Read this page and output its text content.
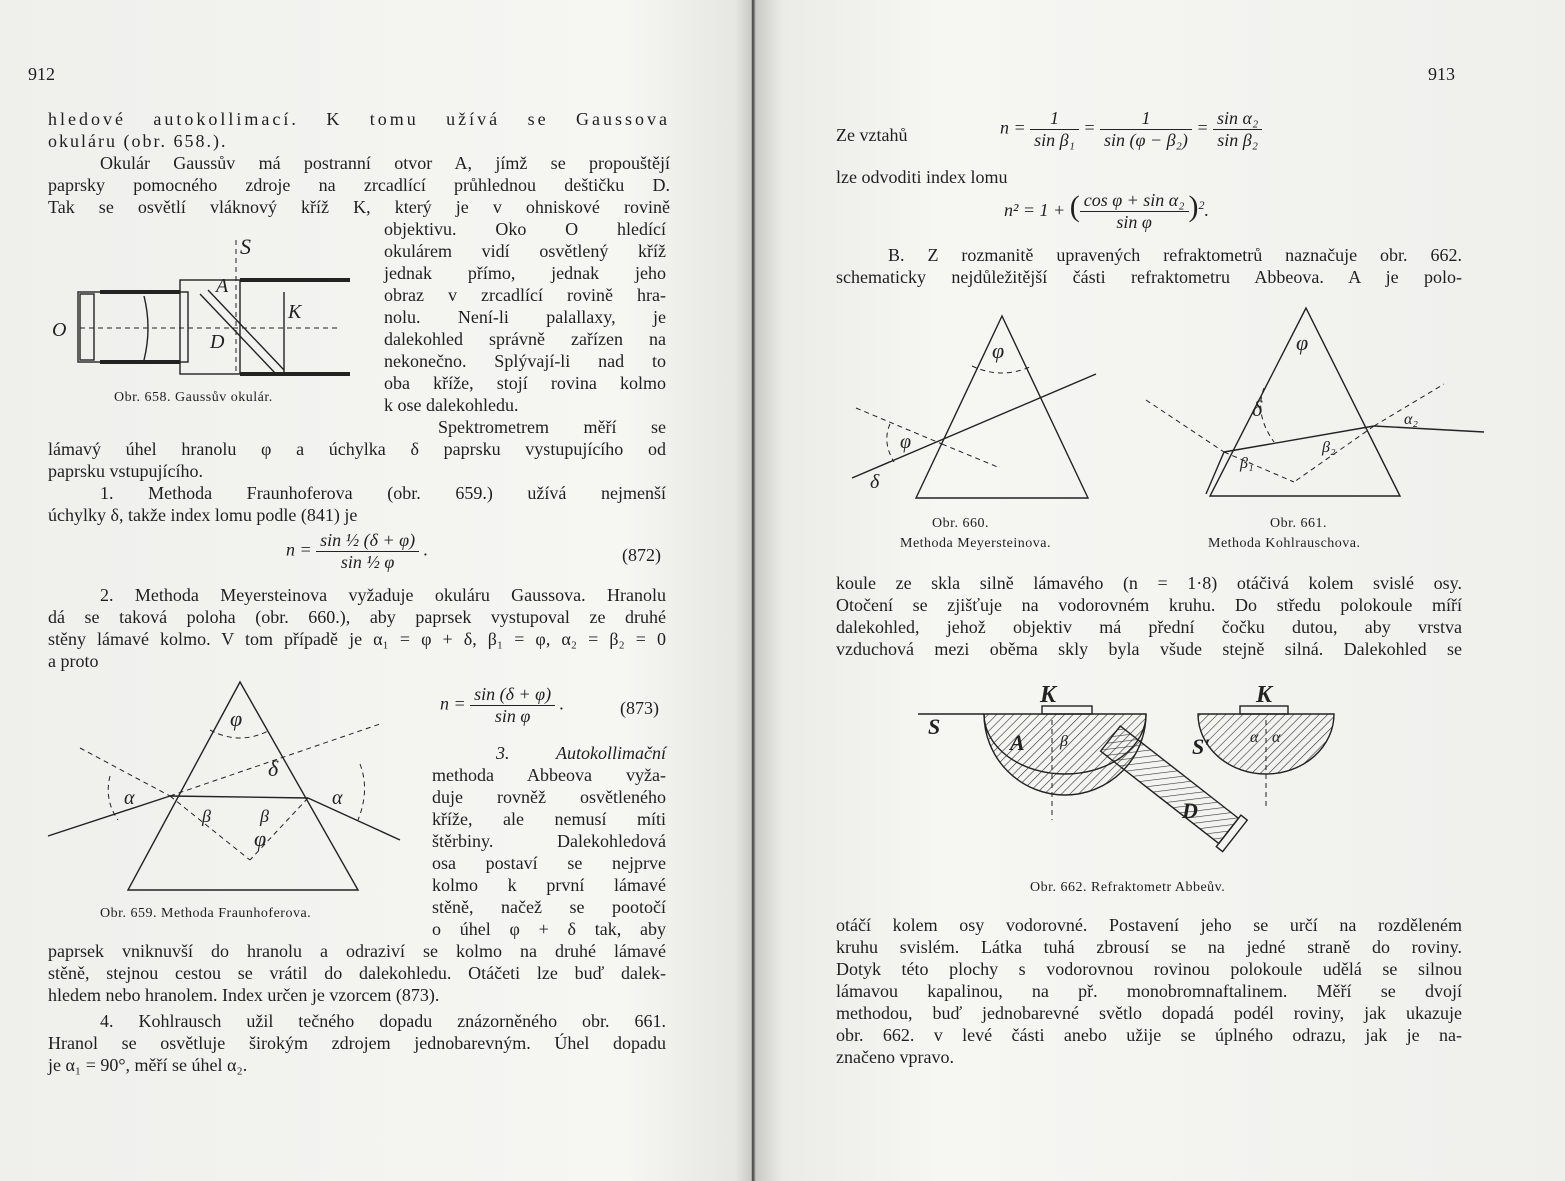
912
hledové autokollimací. K tomu užívá se Gaussova
okuláru (obr. 658.).
Okulár Gaussův má postranní otvor A, jímž se propouštějí
paprsky pomocného zdroje na zrcadlící průhlednou deštičku D.
Tak se osvětlí vláknový kříž K, který je v ohniskové rovině
objektivu. Oko O hledící
okulárem vidí osvětlený kříž
jednak přímo, jednak jeho
obraz v zrcadlící rovině hra-
nolu. Není-li palallaxy, je
dalekohled správně zařízen na
nekonečno. Splývají-li nad to
oba kříže, stojí rovina kolmo
k ose dalekohledu.
Spektrometrem měří se
S
A
K
O
D
Obr. 658. Gaussův okulár.
lámavý úhel hranolu φ a úchylka δ paprsku vystupujícího od
paprsku vstupujícího.
1. Methoda Fraunhoferova (obr. 659.) užívá nejmenší
úchylky δ, takže index lomu podle (841) je
$n = \frac{\text{sin ½ (δ + φ)}}{\text{sin ½ φ}}$ .	(872)
2. Methoda Meyersteinova vyžaduje okuláru Gaussova. Hranolu
dá se taková poloha (obr. 660.), aby paprsek vystupoval ze druhé
stěny lámavé kolmo. V tom případě je α₁ = φ + δ, β₁ = φ, α₂ = β₂ = 0
a proto
$n = \frac{\sin (\delta + \varphi)}{\text{sin φ}}$ .	(873)
φ
δ
α	α
β	β
φ
Obr. 659. Methoda Fraunhoferova.
3. Autokollimační
methoda Abbeova vyža-
duje rovněž osvětleného
kříže, ale nemusí míti
štěrbiny. Dalekohledová
osa postaví se nejprve
kolmo k první lámavé
stěně, načež se pootočí
o úhel φ + δ tak, aby
paprsek vniknuvší do hranolu a odraziví se kolmo na druhé lámavé
stěně, stejnou cestou se vrátil do dalekohledu. Otáčeti lze buď dalek-
hledem nebo hranolem. Index určen je vzorcem (873).
4. Kohlrausch užil tečného dopadu znázorněného obr. 661.
Hranol se osvětluje širokým zdrojem jednobarevným. Úhel dopadu
je α₁ = 90°, měří se úhel α₂.
913
Ze vztahů	$n = \frac{1}{\text{sin β₁}} = \frac{1}{\text{sin (φ − β₂)}} = \frac{\text{sin α₂}}{\text{sin β₂}}$
lze odvoditi index lomu
n² = 1 + ( $\frac{\text{cos φ + sin α₂}}{\text{sin φ}} )^2$.
B. Z rozmanitě upravených refraktometrů naznačuje obr. 662.
schematicky nejdůležitější části refraktometru Abbeova. A je polo-
φ
φ
δ
Obr. 660.
Methoda Meyersteinova.
φ
δ	α₂
β₁
β₂
Obr. 661.
Methoda Kohlrauschova.
koule ze skla silně lámavého (n = 1·8) otáčivá kolem svislé osy.
Otočení se zjišťuje na vodorovném kruhu. Do středu polokoule míří
dalekohled, jehož objektiv má přední čočku dutou, aby vrstva
vzduchová mezi oběma skly byla všude stejně silná. Dalekohled se
K	K
S
S′
A
D
β	α α
Obr. 662. Refraktometr Abbeův.
otáčí kolem osy vodorovné. Postavení jeho se určí na rozděleném
kruhu svislém. Látka tuhá zbrousí se na jedné straně do roviny.
Dotyk této plochy s vodorovnou rovinou polokoule udělá se silnou
lámavou kapalinou, na př. monobromnaftalinem. Měří se dvojí
methodou, buď jednobarevné světlo dopadá podél roviny, jak ukazuje
obr. 662. v levé části anebo užije se úplného odrazu, jak je na-
značeno vpravo.
